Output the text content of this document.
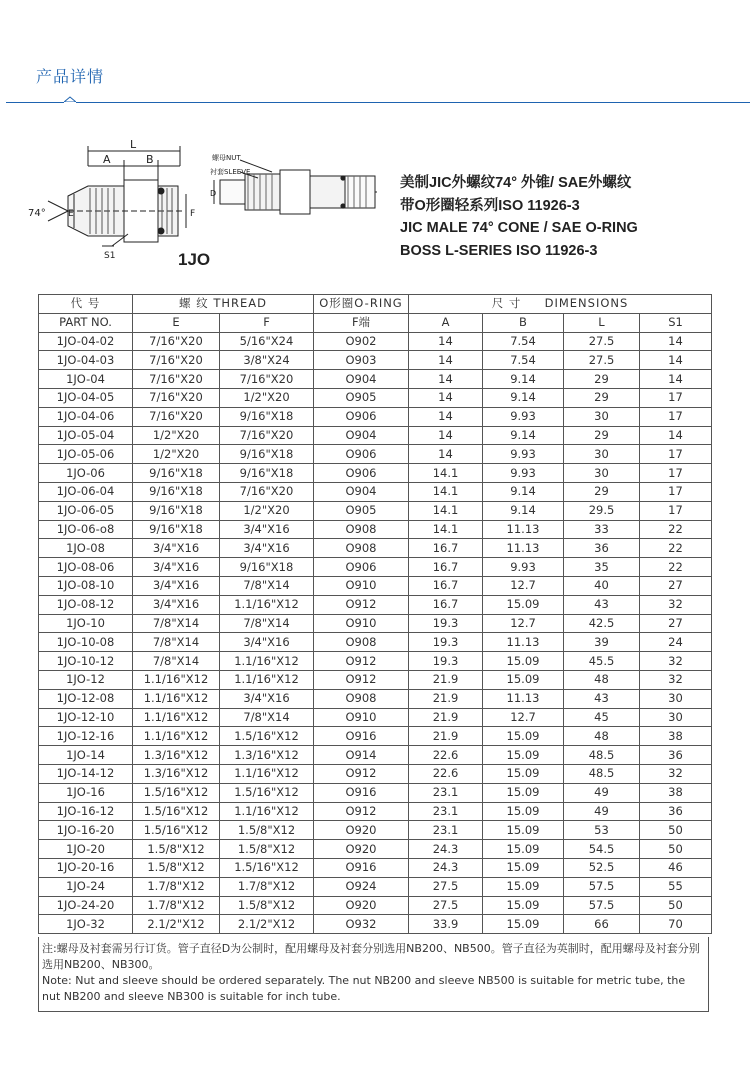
产品详情
L
A	B
74° E	F
S1
螺母NUT
衬套SLEEVE
D
1JO
美制JIC外螺纹74° 外锥/ SAE外螺纹
带O形圈轻系列ISO 11926-3
JIC MALE 74° CONE / SAE O-RING
BOSS L-SERIES ISO 11926-3
代 号	螺 纹 THREAD		O形圈O-RING	尺 寸     DIMENSIONS			
PART NO.	E	F	F端	A	B	L	S1
1JO-04-02	7/16"X20	5/16"X24	O902	14	7.54	27.5	14
1JO-04-03	7/16"X20	3/8"X24	O903	14	7.54	27.5	14
1JO-04	7/16"X20	7/16"X20	O904	14	9.14	29	14
1JO-04-05	7/16"X20	1/2"X20	O905	14	9.14	29	17
1JO-04-06	7/16"X20	9/16"X18	O906	14	9.93	30	17
1JO-05-04	1/2"X20	7/16"X20	O904	14	9.14	29	14
1JO-05-06	1/2"X20	9/16"X18	O906	14	9.93	30	17
1JO-06	9/16"X18	9/16"X18	O906	14.1	9.93	30	17
1JO-06-04	9/16"X18	7/16"X20	O904	14.1	9.14	29	17
1JO-06-05	9/16"X18	1/2"X20	O905	14.1	9.14	29.5	17
1JO-06-o8	9/16"X18	3/4"X16	O908	14.1	11.13	33	22
1JO-08	3/4"X16	3/4"X16	O908	16.7	11.13	36	22
1JO-08-06	3/4"X16	9/16"X18	O906	16.7	9.93	35	22
1JO-08-10	3/4"X16	7/8"X14	O910	16.7	12.7	40	27
1JO-08-12	3/4"X16	1.1/16"X12	O912	16.7	15.09	43	32
1JO-10	7/8"X14	7/8"X14	O910	19.3	12.7	42.5	27
1JO-10-08	7/8"X14	3/4"X16	O908	19.3	11.13	39	24
1JO-10-12	7/8"X14	1.1/16"X12	O912	19.3	15.09	45.5	32
1JO-12	1.1/16"X12	1.1/16"X12	O912	21.9	15.09	48	32
1JO-12-08	1.1/16"X12	3/4"X16	O908	21.9	11.13	43	30
1JO-12-10	1.1/16"X12	7/8"X14	O910	21.9	12.7	45	30
1JO-12-16	1.1/16"X12	1.5/16"X12	O916	21.9	15.09	48	38
1JO-14	1.3/16"X12	1.3/16"X12	O914	22.6	15.09	48.5	36
1JO-14-12	1.3/16"X12	1.1/16"X12	O912	22.6	15.09	48.5	32
1JO-16	1.5/16"X12	1.5/16"X12	O916	23.1	15.09	49	38
1JO-16-12	1.5/16"X12	1.1/16"X12	O912	23.1	15.09	49	36
1JO-16-20	1.5/16"X12	1.5/8"X12	O920	23.1	15.09	53	50
1JO-20	1.5/8"X12	1.5/8"X12	O920	24.3	15.09	54.5	50
1JO-20-16	1.5/8"X12	1.5/16"X12	O916	24.3	15.09	52.5	46
1JO-24	1.7/8"X12	1.7/8"X12	O924	27.5	15.09	57.5	55
1JO-24-20	1.7/8"X12	1.5/8"X12	O920	27.5	15.09	57.5	50
1JO-32	2.1/2"X12	2.1/2"X12	O932	33.9	15.09	66	70
注:螺母及衬套需另行订货。管子直径D为公制时，配用螺母及衬套分别选用NB200、NB500。管子直径为英制时，配用螺母及衬套分别选用NB200、NB300。
Note: Nut and sleeve should be ordered separately. The nut NB200 and sleeve NB500 is suitable for metric tube, the nut NB200 and sleeve NB300 is suitable for inch tube.
